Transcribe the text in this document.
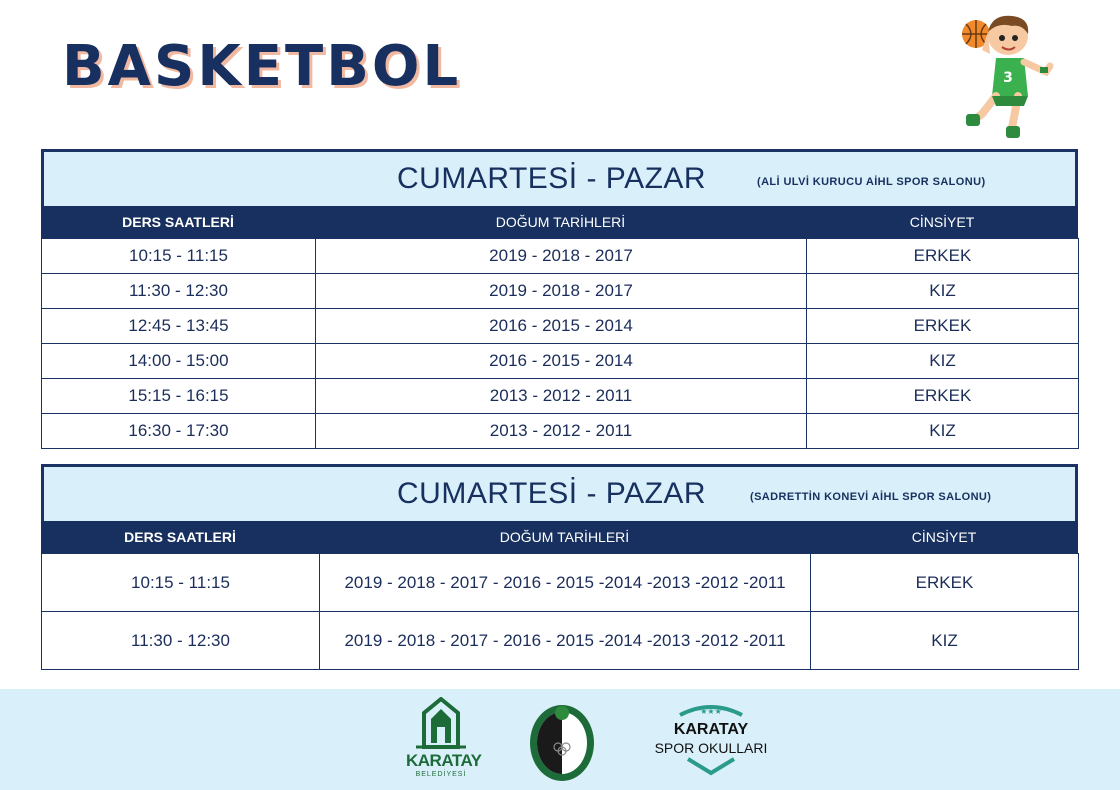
BASKETBOL	3
CUMARTESİ - PAZAR	(ALİ ULVİ KURUCU AİHL SPOR SALONU)
DERS SAATLERİ	DOĞUM TARİHLERİ	CİNSİYET
10:15 - 11:15	2019 - 2018 - 2017	ERKEK
11:30 - 12:30	2019 - 2018 - 2017	KIZ
12:45 - 13:45	2016 - 2015 - 2014	ERKEK
14:00 - 15:00	2016 - 2015 - 2014	KIZ
15:15 - 16:15	2013 - 2012 - 2011	ERKEK
16:30 - 17:30	2013 - 2012 - 2011	KIZ
CUMARTESİ - PAZAR	(SADRETTİN KONEVİ AİHL SPOR SALONU)
DERS SAATLERİ	DOĞUM TARİHLERİ	CİNSİYET
10:15 - 11:15	2019 - 2018 - 2017 - 2016 - 2015 -2014 -2013 -2012 -2011	ERKEK
11:30 - 12:30	2019 - 2018 - 2017 - 2016 - 2015 -2014 -2013 -2012 -2011	KIZ
KARATAY
BELEDİYESİ
★★★
KARATAY
SPOR OKULLARI
